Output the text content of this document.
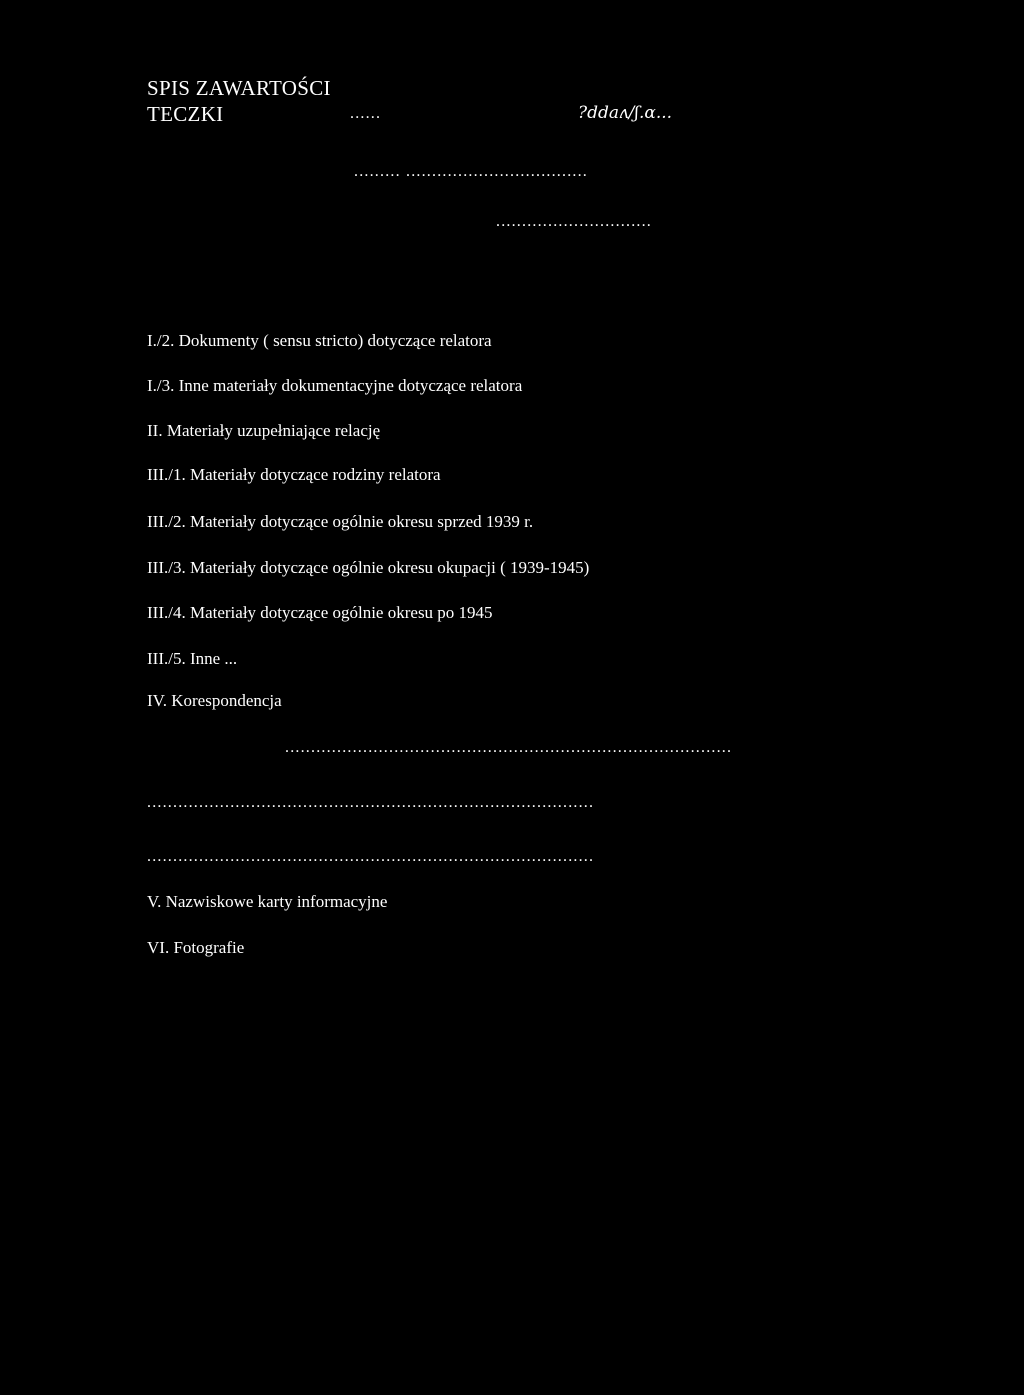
SPIS ZAWARTOŚCI
TECZKI	......	?ddaʌ/ʃ.ɑ...
......... ...................................
..............................
I./2. Dokumenty ( sensu stricto) dotyczące relatora
I./3. Inne materiały dokumentacyjne dotyczące relatora
II. Materiały uzupełniające relację
III./1. Materiały dotyczące rodziny relatora
III./2. Materiały dotyczące ogólnie okresu sprzed 1939 r.
III./3. Materiały dotyczące ogólnie okresu okupacji ( 1939-1945)
III./4. Materiały dotyczące ogólnie okresu po 1945
III./5. Inne ...
IV. Korespondencja
......................................................................................
......................................................................................
......................................................................................
V. Nazwiskowe karty informacyjne
VI. Fotografie
